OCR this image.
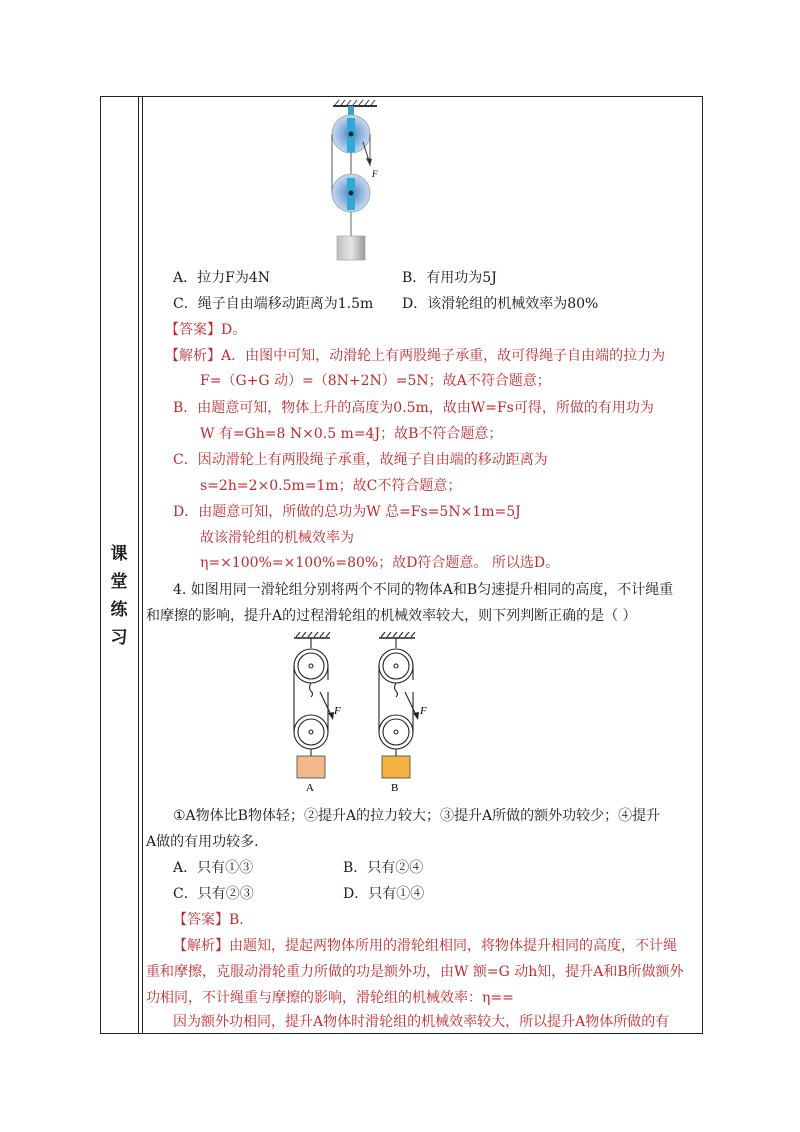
课
堂
练
习
F
A．拉力F为4N	B．有用功为5J
C．绳子自由端移动距离为1.5m D．该滑轮组的机械效率为80%
【答案】D。
【解析】A．由图中可知，动滑轮上有两股绳子承重，故可得绳子自由端的拉力为
F=（G+G 动）=（8N+2N）=5N；故A不符合题意；
B．由题意可知，物体上升的高度为0.5m，故由W=Fs可得，所做的有用功为
W 有=Gh=8 N×0.5 m=4J；故B不符合题意；
C．因动滑轮上有两股绳子承重，故绳子自由端的移动距离为
s=2h=2×0.5m=1m；故C不符合题意；
D．由题意可知，所做的总功为W 总=Fs=5N×1m=5J
故该滑轮组的机械效率为
η=×100%=×100%=80%；故D符合题意。 所以选D。
4. 如图用同一滑轮组分别将两个不同的物体A和B匀速提升相同的高度，不计绳重
和摩擦的影响，提升A的过程滑轮组的机械效率较大，则下列判断正确的是（ ）
F	F
A	B
①A物体比B物体轻；②提升A的拉力较大；③提升A所做的额外功较少；④提升
A做的有用功较多.
A．只有①③	B．只有②④
C．只有②③	D．只有①④
【答案】B.
【解析】由题知，提起两物体所用的滑轮组相同，将物体提升相同的高度，不计绳
重和摩擦，克服动滑轮重力所做的功是额外功，由W 额=G 动h知，提升A和B所做额外
功相同，不计绳重与摩擦的影响，滑轮组的机械效率：η==
因为额外功相同，提升A物体时滑轮组的机械效率较大，所以提升A物体所做的有
